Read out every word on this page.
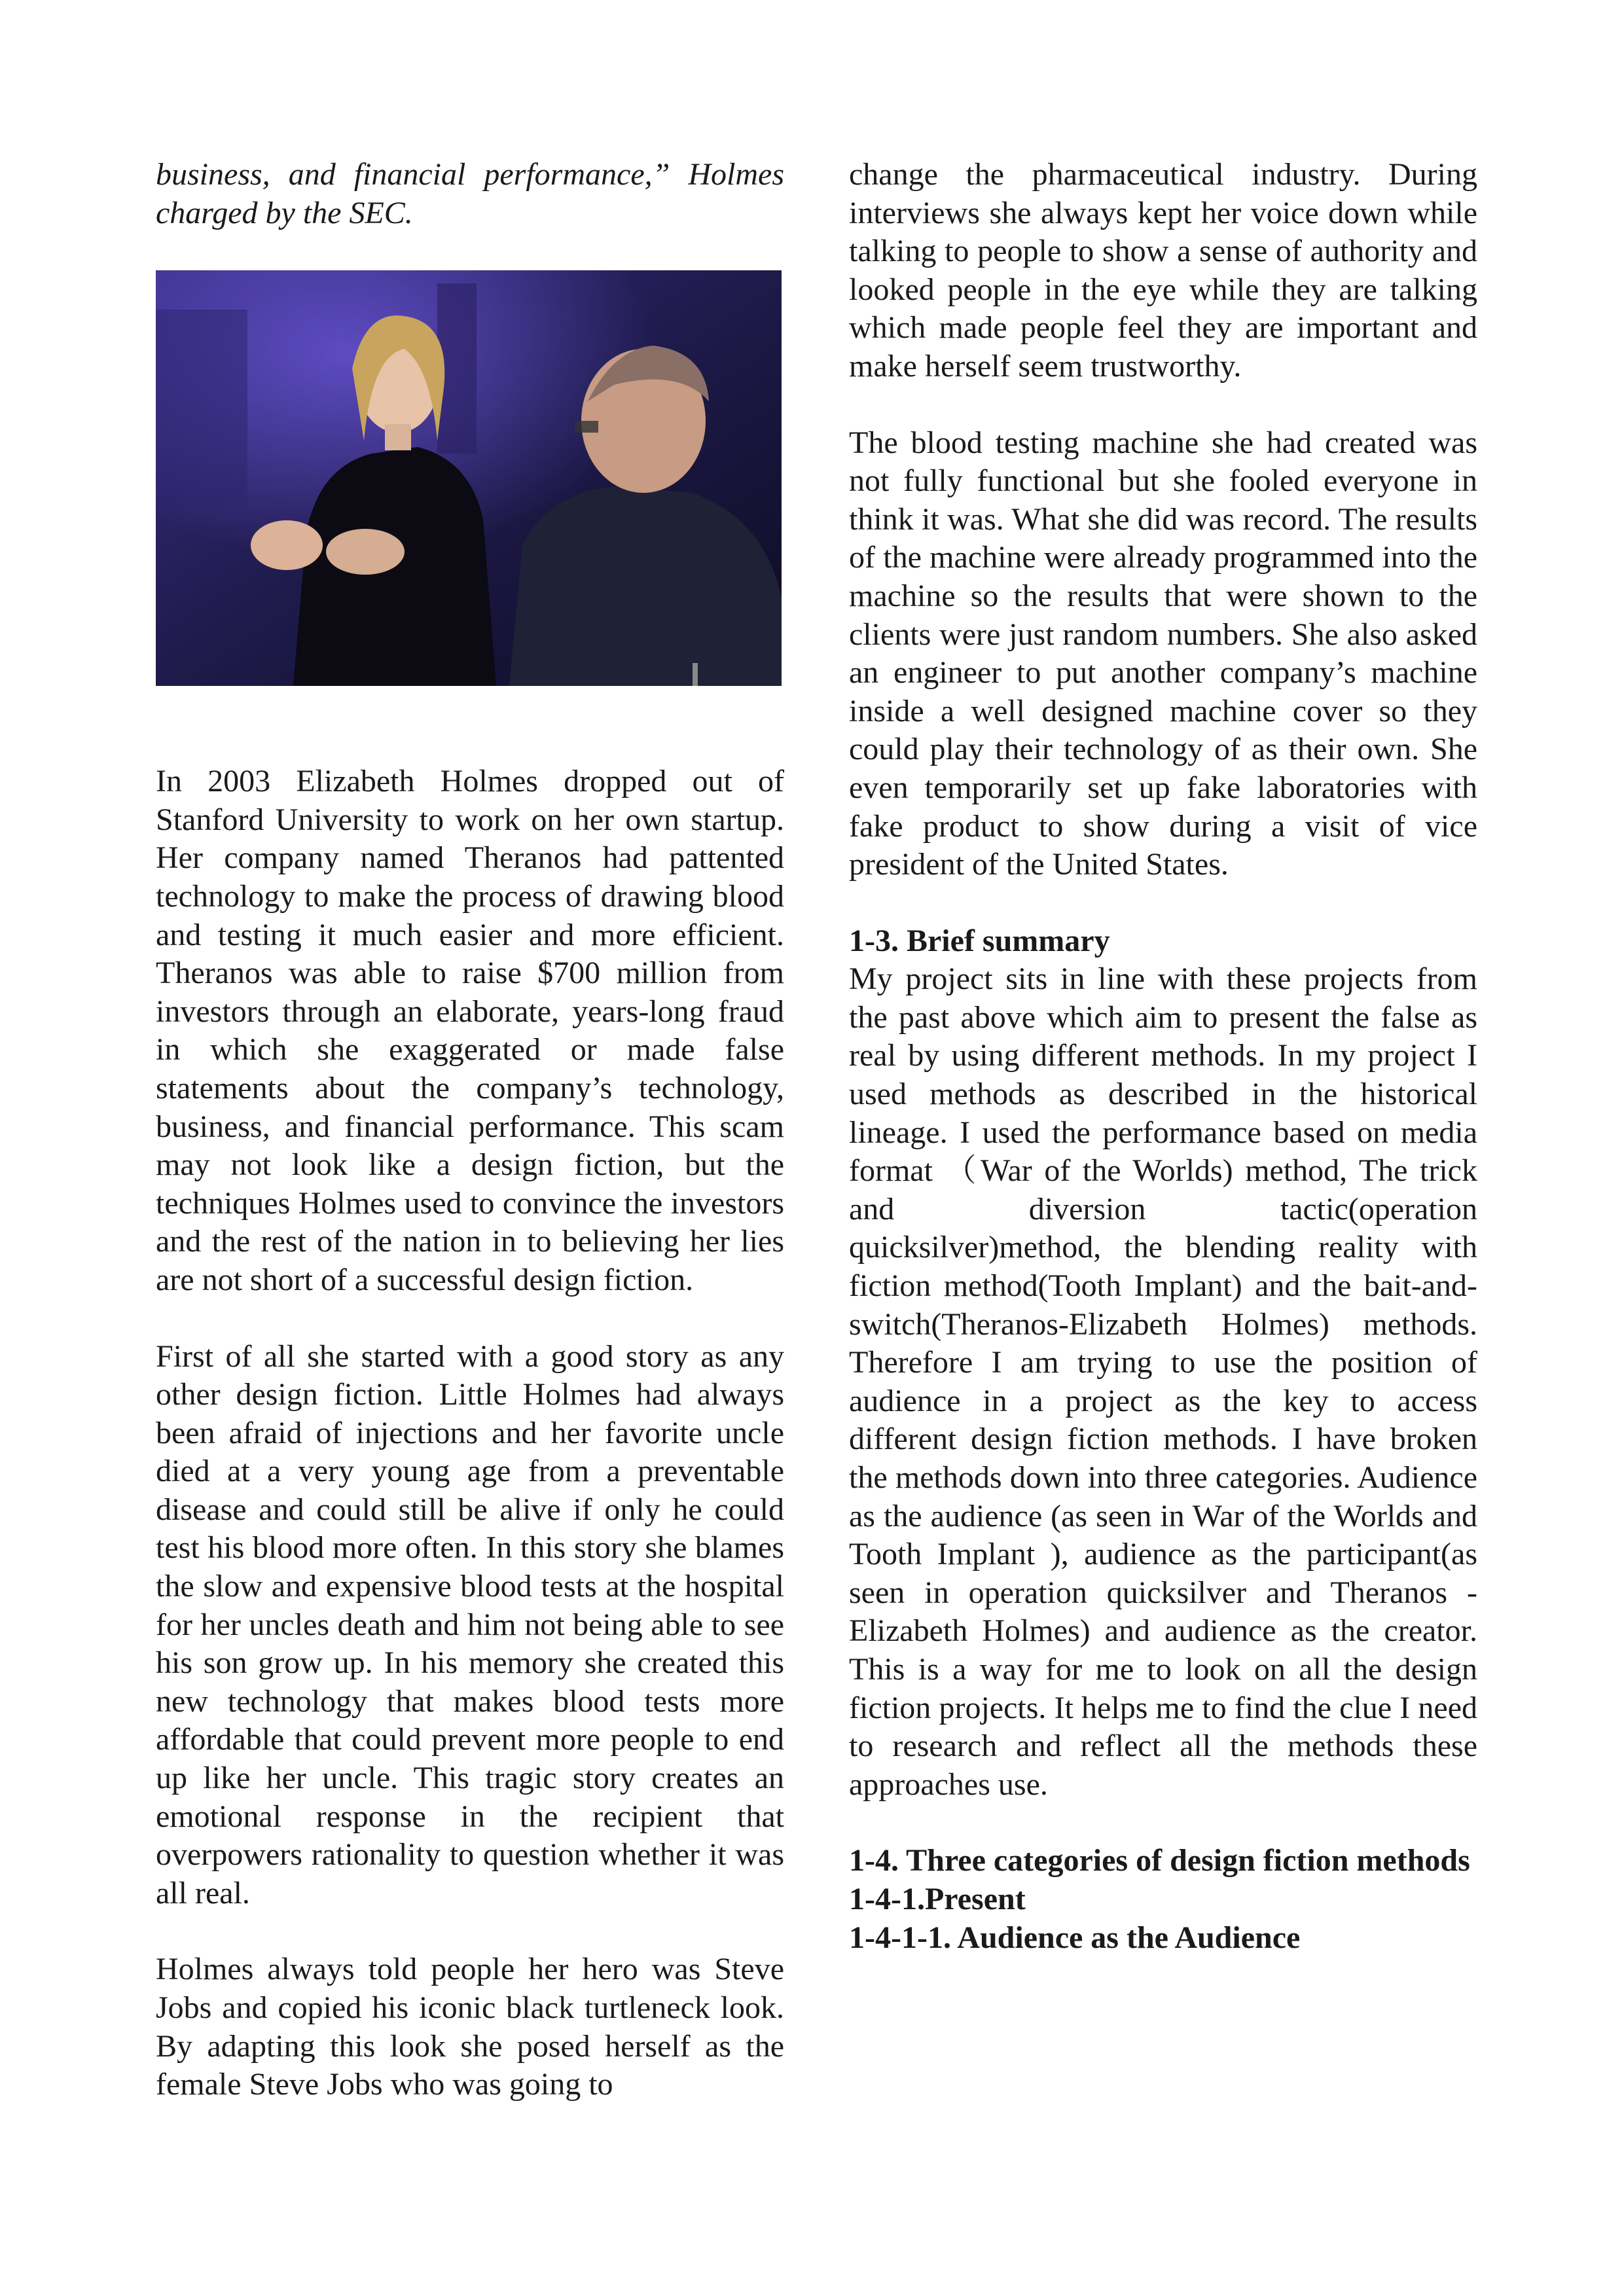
business, and financial performance,” Holmes charged by the SEC.

In 2003 Elizabeth Holmes dropped out of Stanford University to work on her own startup. Her company named Theranos had pattented technology to make the process of drawing blood and testing it much easier and more efficient. Theranos was able to raise $700 million from investors through an elaborate, years-long fraud in which she exaggerated or made false statements about the company’s technology, business, and financial performance. This scam may not look like a design fiction, but the techniques Holmes used to convince the investors and the rest of the nation in to believing her lies are not short of a successful design fiction.

First of all she started with a good story as any other design fiction. Little Holmes had always been afraid of injections and her favorite uncle died at a very young age from a preventable disease and could still be alive if only he could test his blood more often. In this story she blames the slow and expensive blood tests at the hospital for her uncles death and him not being able to see his son grow up. In his memory she created this new technology that makes blood tests more affordable that could prevent more people to end up like her uncle. This tragic story creates an emotional response in the recipient that overpowers rationality to question whether it was all real.

Holmes always told people her hero was Steve Jobs and copied his iconic black turtleneck look. By adapting this look she posed herself as the female Steve Jobs who was going to

change the pharmaceutical industry. During interviews she always kept her voice down while talking to people to show a sense of authority and looked people in the eye while they are talking which made people feel they are important and make herself seem trustworthy.

The blood testing machine she had created was not fully functional but she fooled everyone in think it was. What she did was record. The results of the machine were already programmed into the machine so the results that were shown to the clients were just random numbers. She also asked an engineer to put another company’s machine inside a well designed machine cover so they could play their technology of as their own. She even temporarily set up fake laboratories with fake product to show during a visit of vice president of the United States.

1-3. Brief summary

My project sits in line with these projects from the past above which aim to present the false as real by using different methods. In my project I used methods as described in the historical lineage. I used the performance based on media format （War of the Worlds) method, The trick and diversion tactic(operation quicksilver)method, the blending reality with fiction method(Tooth Implant) and the bait-and-switch(Theranos-Elizabeth Holmes) methods. Therefore I am trying to use the position of audience in a project as the key to access different design fiction methods. I have broken the methods down into three categories. Audience as the audience (as seen in War of the Worlds and Tooth Implant ), audience as the participant(as seen in operation quicksilver and Theranos -Elizabeth Holmes) and audience as the creator. This is a way for me to look on all the design fiction projects. It helps me to find the clue I need to research and reflect all the methods these approaches use.

1-4. Three categories of design fiction methods
1-4-1.Present
1-4-1-1. Audience as the Audience
